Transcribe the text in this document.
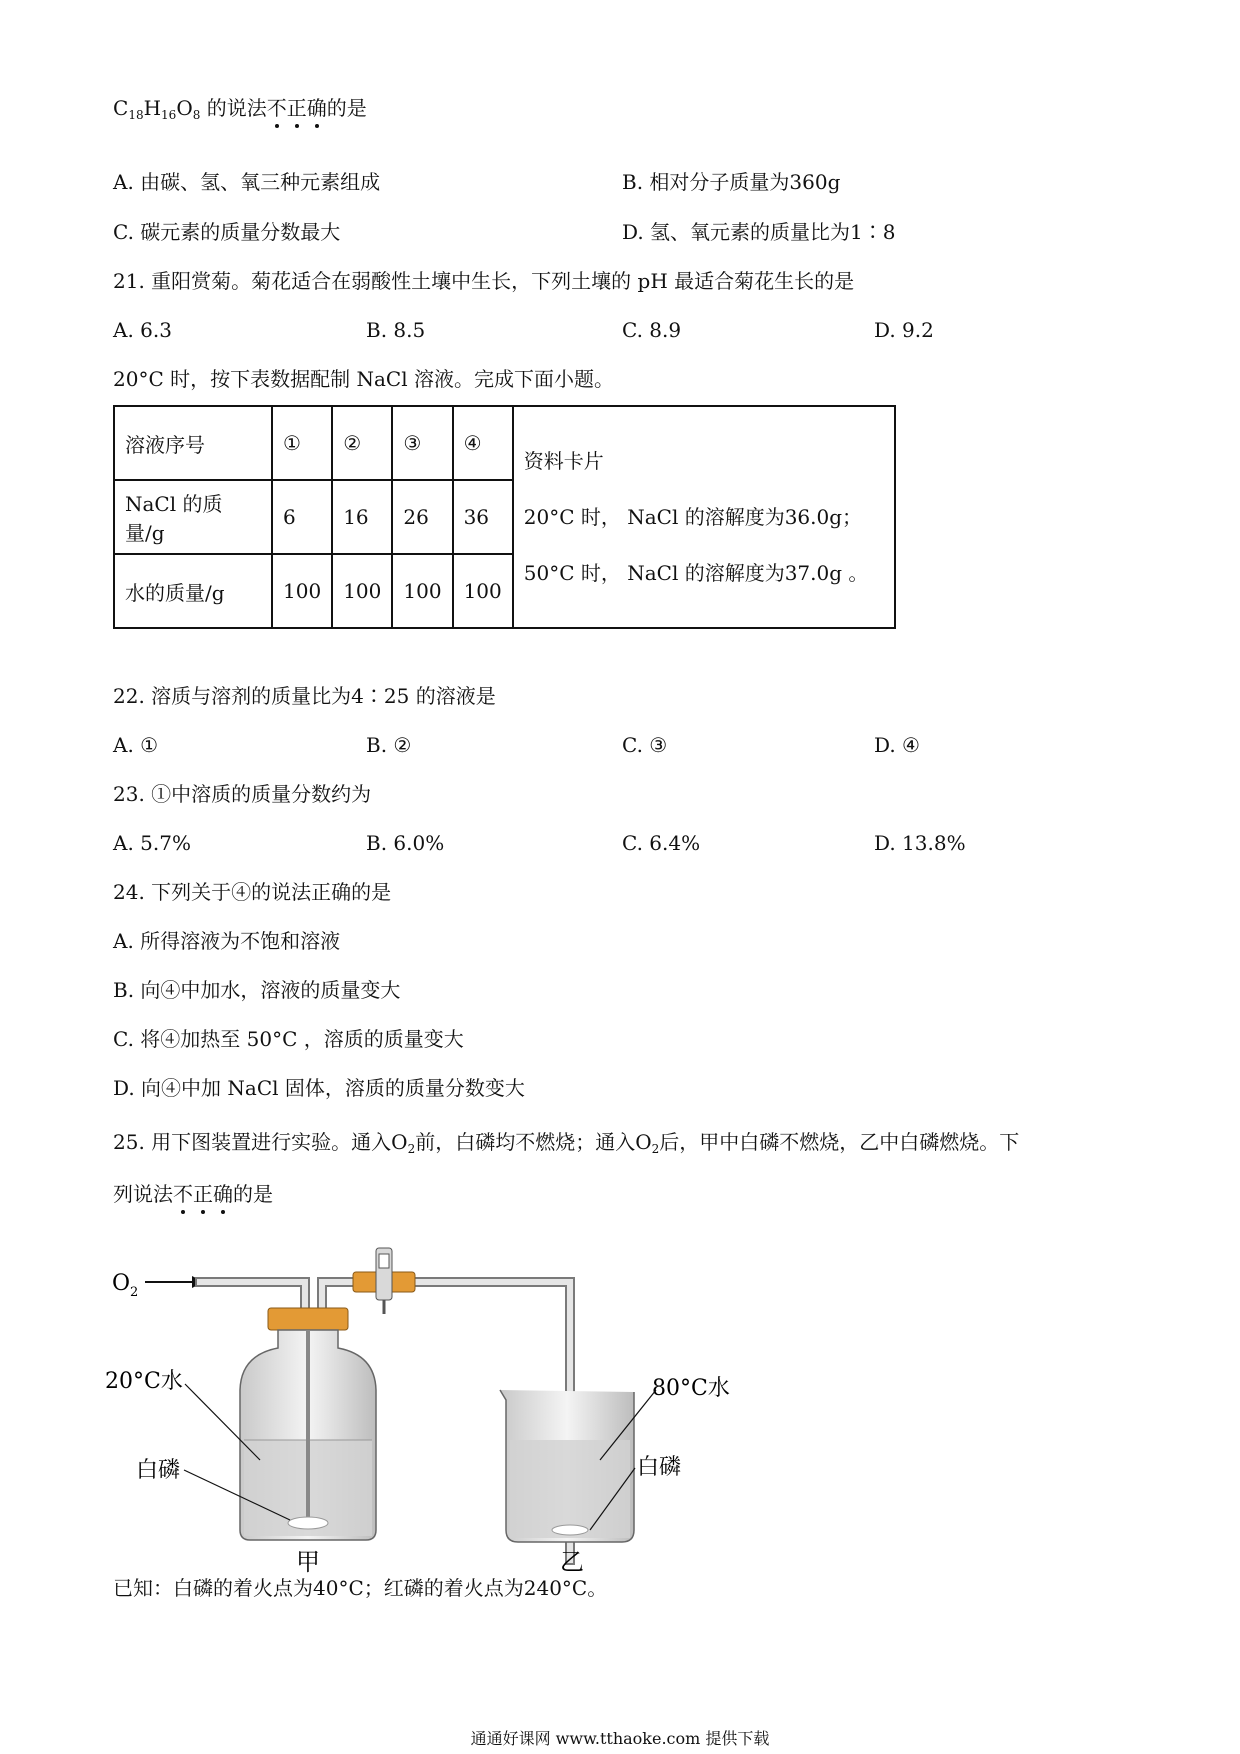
$C_{18}H_{16}O_8$ 的说法不正确的是
A. 由碳、氢、氧三种元素组成	B. 相对分子质量为360g
C. 碳元素的质量分数最大	D. 氢、氧元素的质量比为1∶8
21. 重阳赏菊。菊花适合在弱酸性土壤中生长，下列土壤的 pH 最适合菊花生长的是
A. 6.3	B. 8.5	C. 8.9	D. 9.2
20°C 时，按下表数据配制 NaCl 溶液。完成下面小题。
溶液序号	①	②	③	④	资料卡片
20°C 时， NaCl 的溶解度为36.0g；
50°C 时， NaCl 的溶解度为37.0g 。

NaCl 的质量/g	6	16	26	36	
水的质量/g	100	100	100	100	
22. 溶质与溶剂的质量比为4∶25 的溶液是
A. ①	B. ②	C. ③	D. ④
23. ①中溶质的质量分数约为
A. 5.7%	B. 6.0%	C. 6.4%	D. 13.8%
24. 下列关于④的说法正确的是
A. 所得溶液为不饱和溶液
B. 向④中加水，溶液的质量变大
C. 将④加热至 50°C ，溶质的质量变大
D. 向④中加 NaCl 固体，溶质的质量分数变大
25. 用下图装置进行实验。通入$O_2$前，白磷均不燃烧；通入$O_2$后，甲中白磷不燃烧，乙中白磷燃烧。下
列说法不正确的是
O 2
20°C水
白磷
80°C水
白磷
甲	乙
已知：白磷的着火点为40°C；红磷的着火点为240°C。
通通好课网 www.tthaoke.com 提供下载
